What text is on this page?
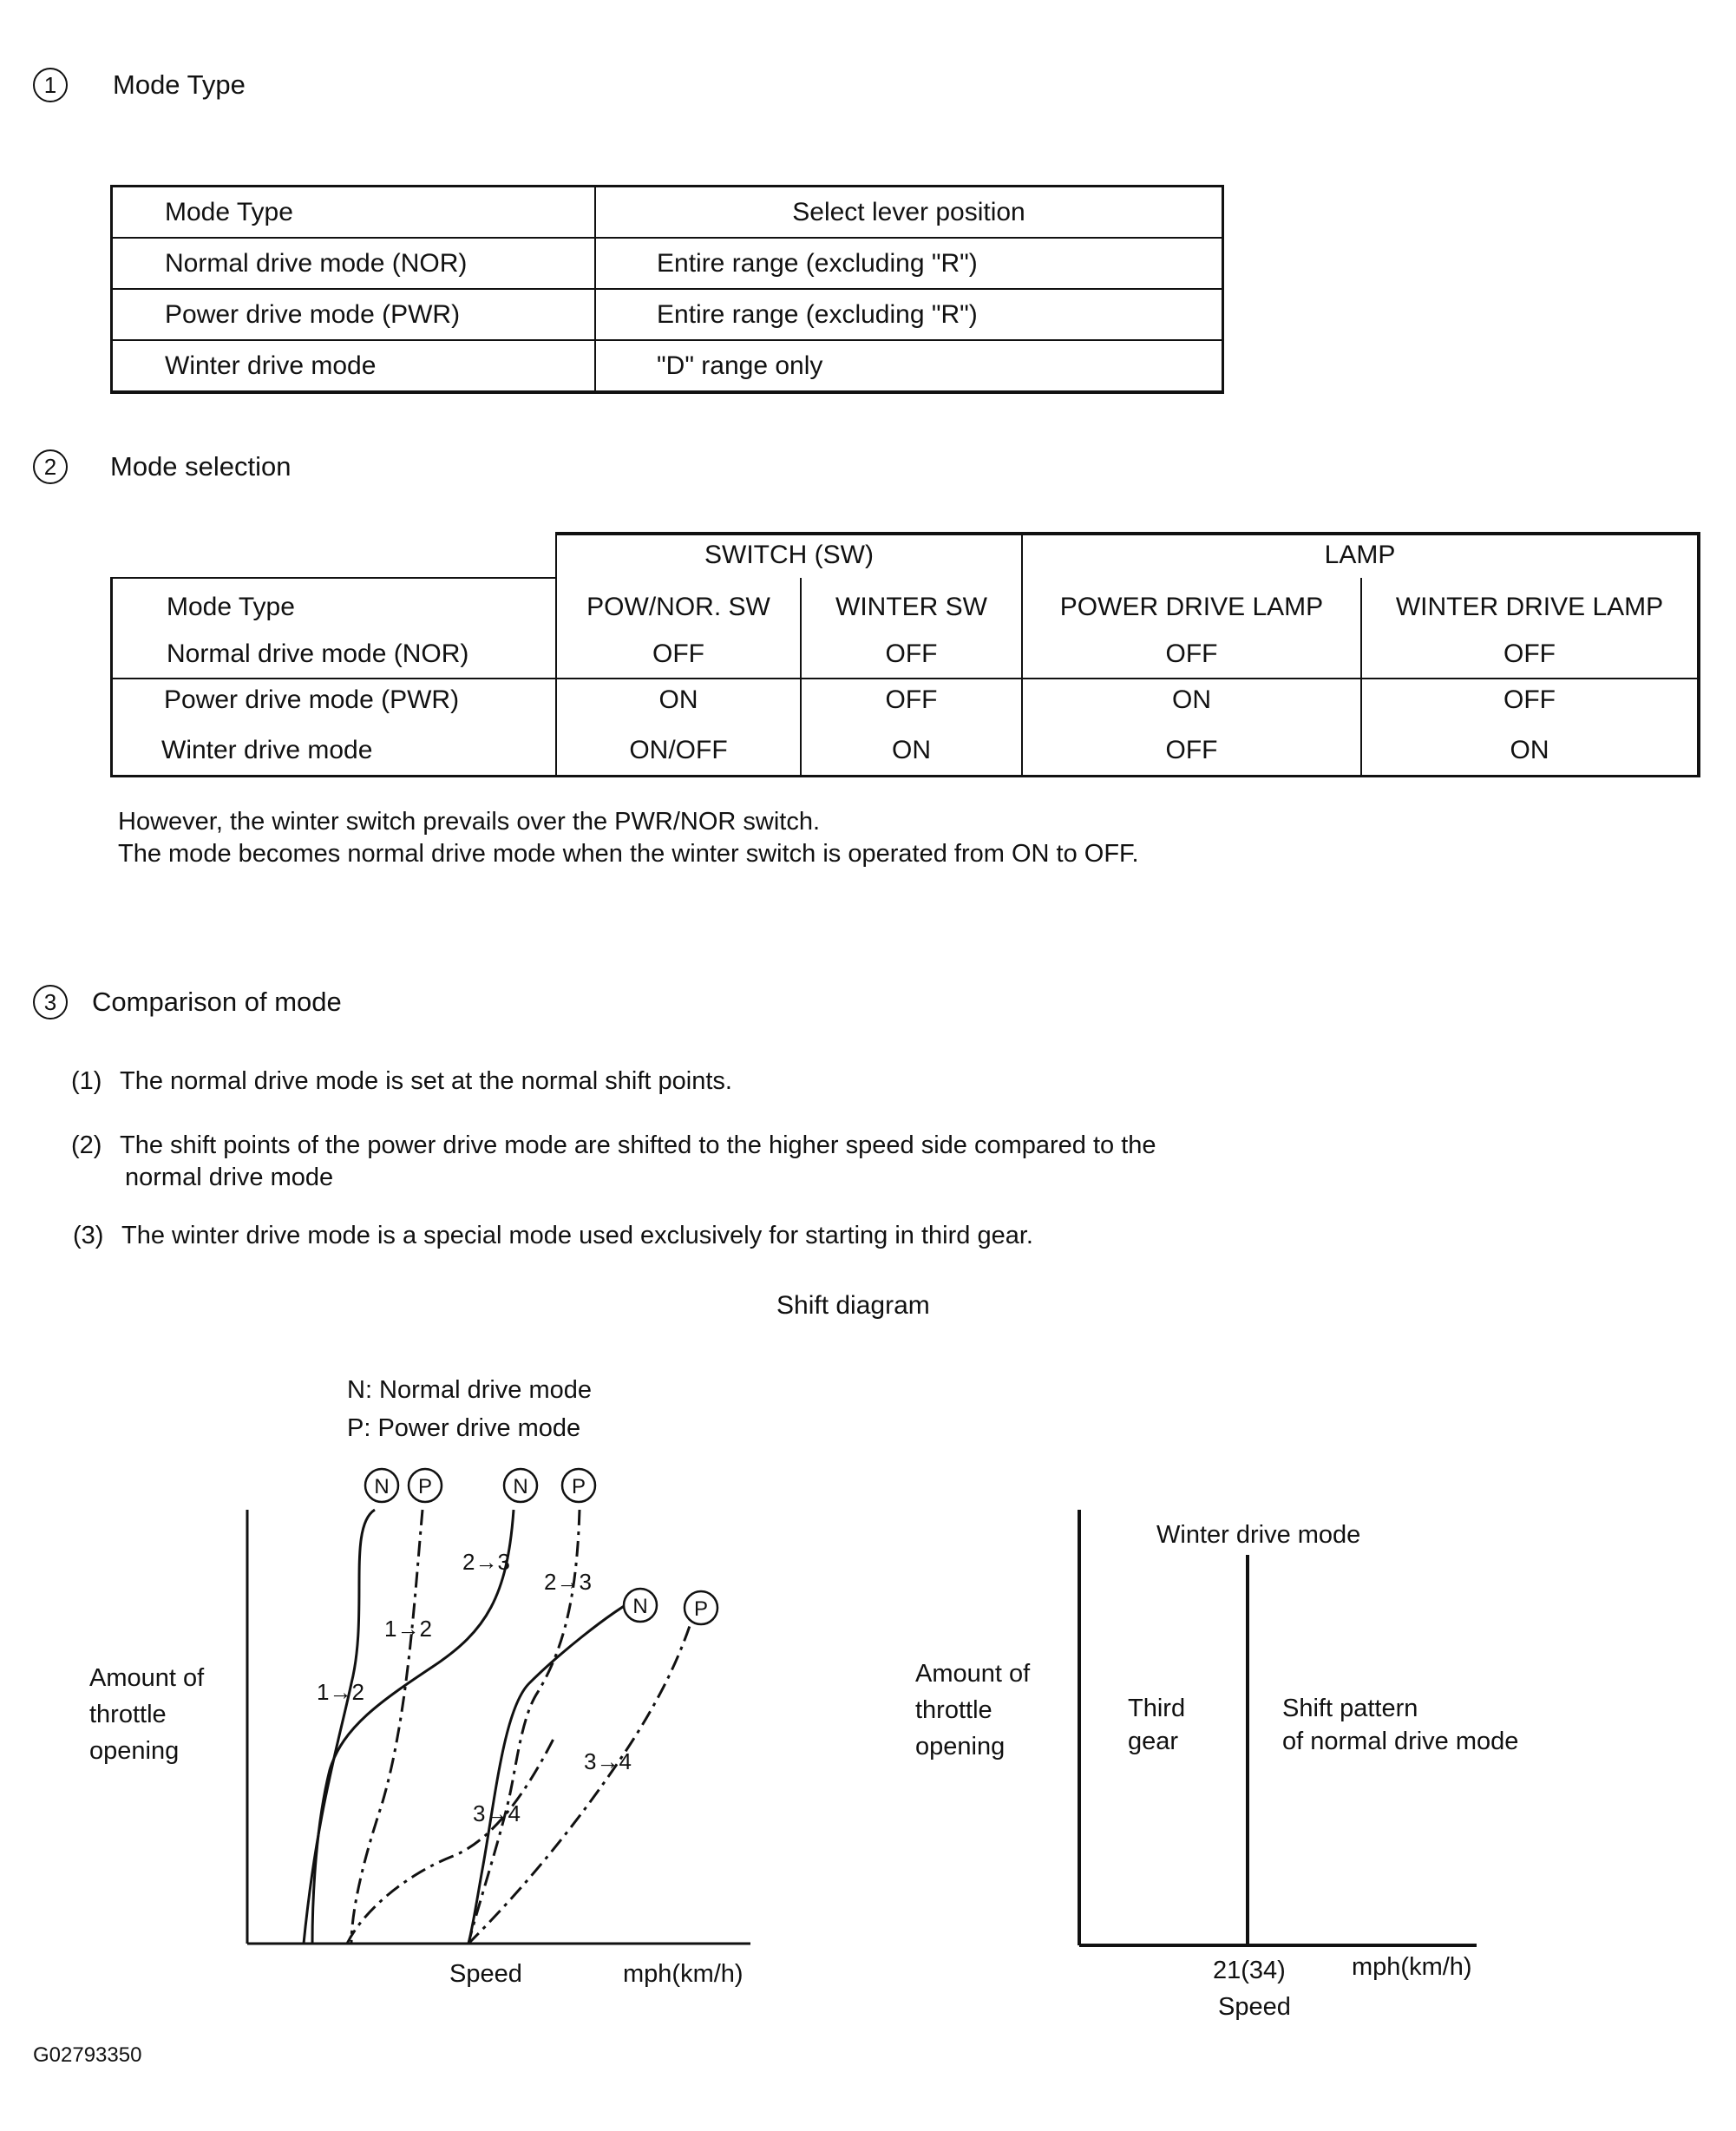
1	Mode Type
Mode Type	Select lever position
Normal drive mode (NOR)	Entire range (excluding "R")
Power drive mode (PWR)	Entire range (excluding "R")
Winter drive mode	"D" range only
2	Mode selection
SWITCH (SW)	LAMP
Mode Type	POW/NOR. SW	WINTER SW	POWER DRIVE LAMP	WINTER DRIVE LAMP
Normal drive mode (NOR)	OFF	OFF	OFF	OFF
Power drive mode (PWR)	ON	OFF	ON	OFF
Winter drive mode	ON/OFF	ON	OFF	ON
However, the winter switch prevails over the PWR/NOR switch.
The mode becomes normal drive mode when the winter switch is operated from ON to OFF.
3	Comparison of mode
(1) The normal drive mode is set at the normal shift points.
(2) The shift points of the power drive mode are shifted to the higher speed side compared to the
normal drive mode
(3) The winter drive mode is a special mode used exclusively for starting in third gear.
Shift diagram
N P	N P
N P
1→2
1→2
2→3
2→3
3→4
3→4
N: Normal drive mode
P: Power drive mode
Amount of
throttle
opening
Speed	mph(km/h)
Winter drive mode
Amount of
throttle
opening
Third
gear
Shift pattern
of normal drive mode
21(34)	mph(km/h)
Speed
G02793350
